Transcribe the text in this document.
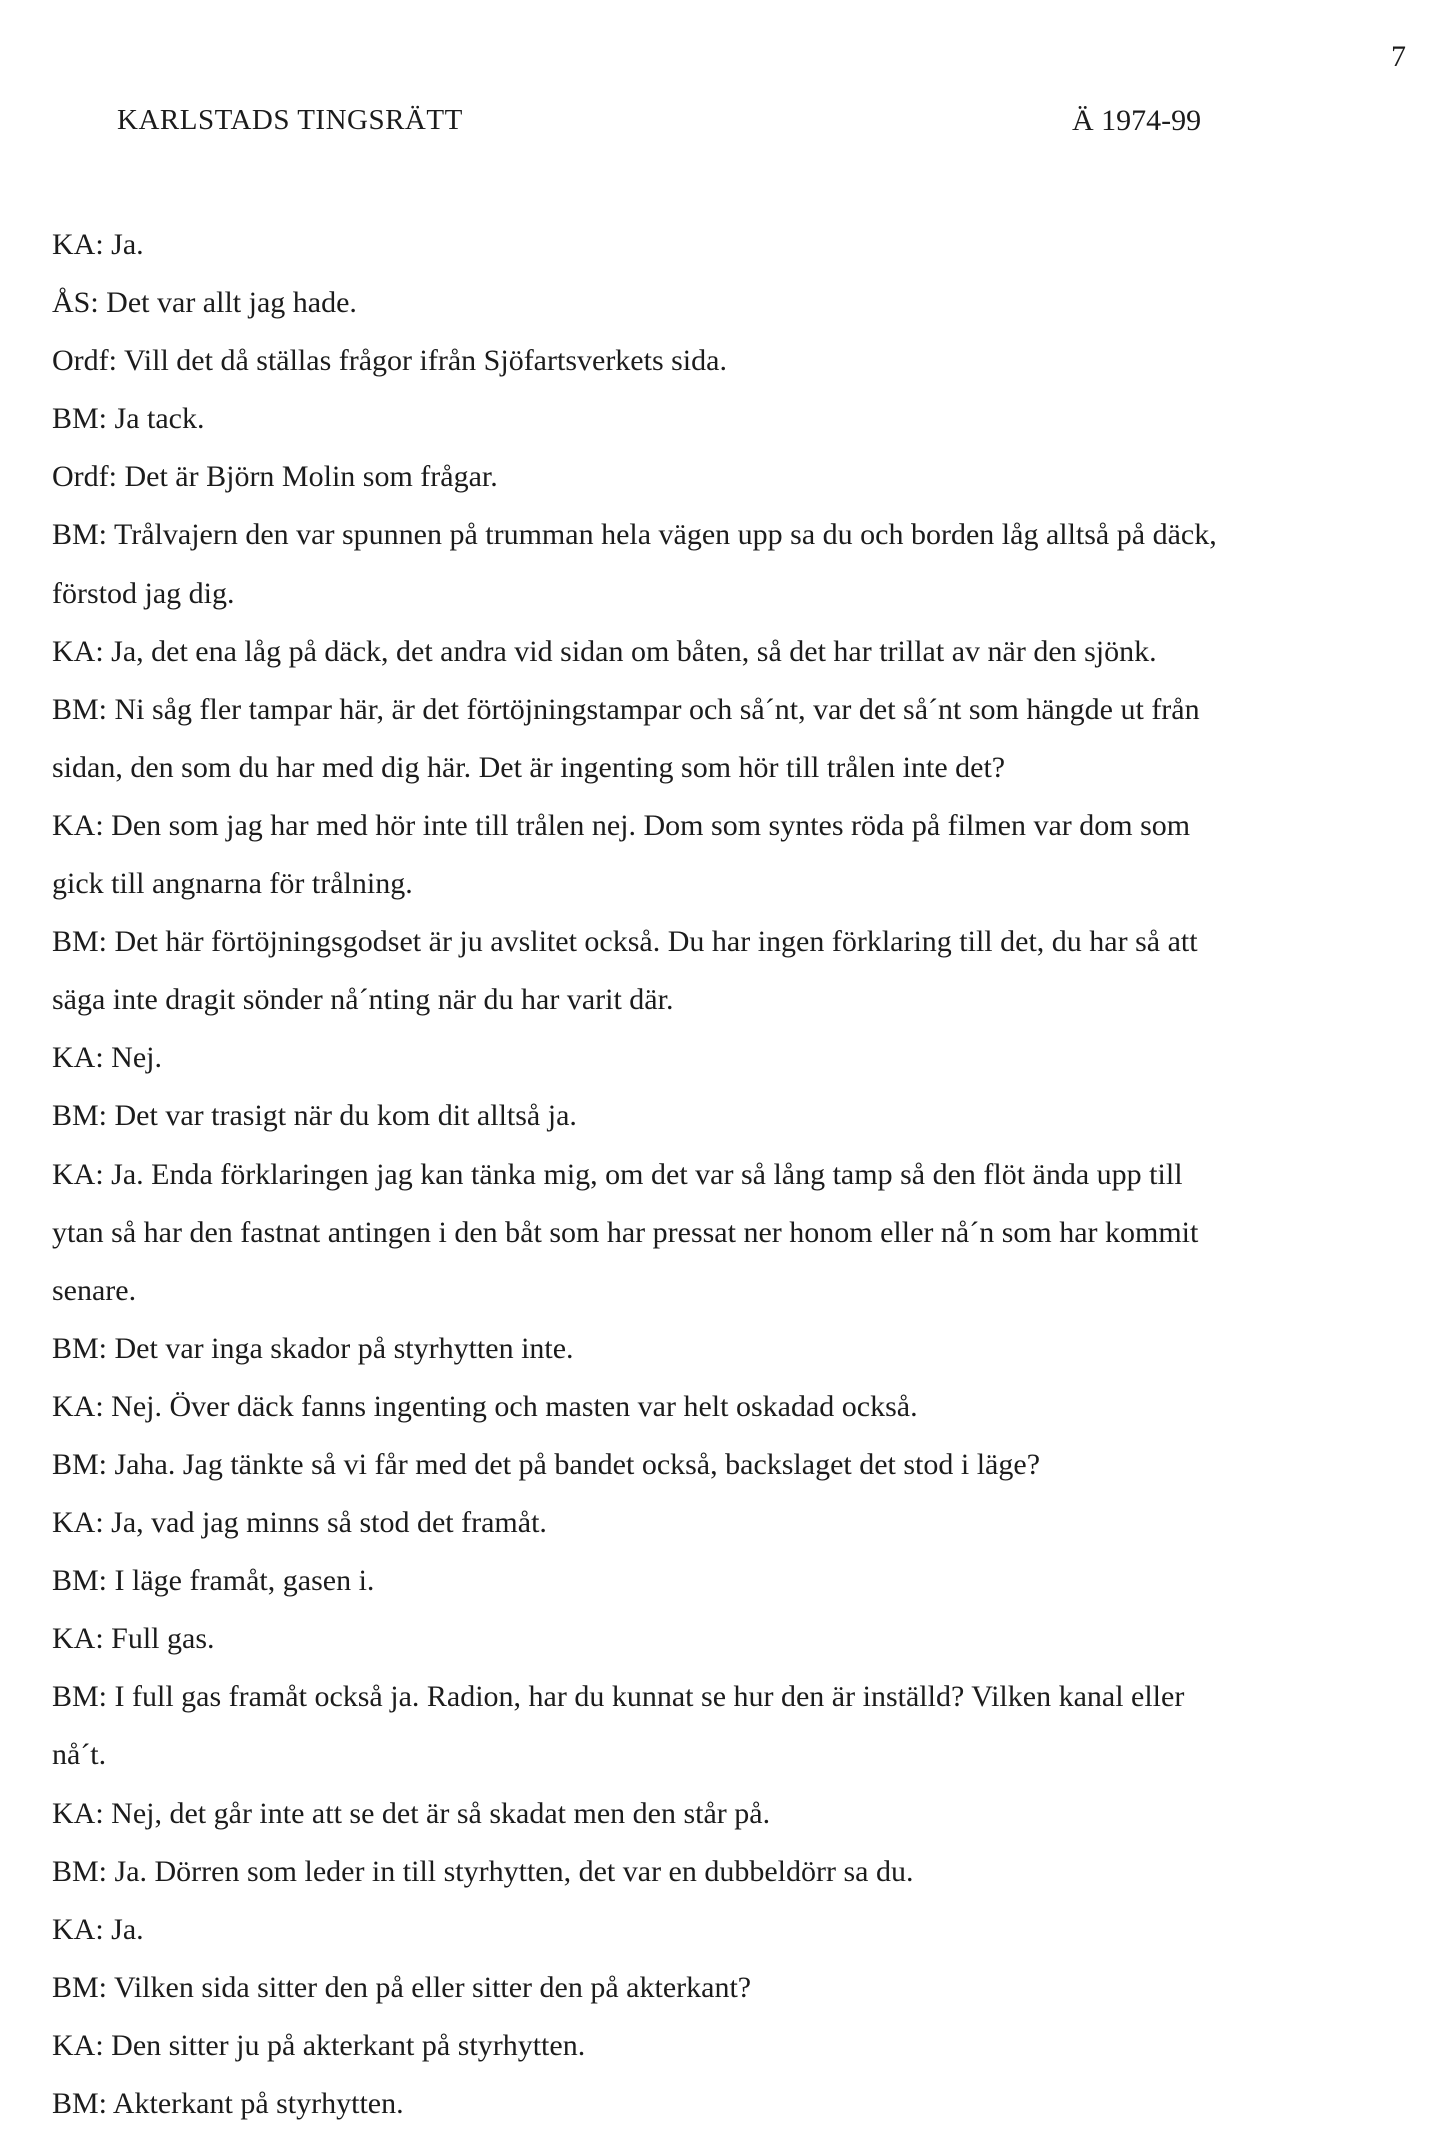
7
KARLSTADS TINGSRÄTT	Ä 1974-99
KA: Ja.
ÅS: Det var allt jag hade.
Ordf: Vill det då ställas frågor ifrån Sjöfartsverkets sida.
BM: Ja tack.
Ordf: Det är Björn Molin som frågar.
BM: Trålvajern den var spunnen på trumman hela vägen upp sa du och borden låg alltså på däck,
förstod jag dig.
KA: Ja, det ena låg på däck, det andra vid sidan om båten, så det har trillat av när den sjönk.
BM: Ni såg fler tampar här, är det förtöjningstampar och så´nt, var det så´nt som hängde ut från
sidan, den som du har med dig här. Det är ingenting som hör till trålen inte det?
KA: Den som jag har med hör inte till trålen nej. Dom som syntes röda på filmen var dom som
gick till angnarna för trålning.
BM: Det här förtöjningsgodset är ju avslitet också. Du har ingen förklaring till det, du har så att
säga inte dragit sönder nå´nting när du har varit där.
KA: Nej.
BM: Det var trasigt när du kom dit alltså ja.
KA: Ja. Enda förklaringen jag kan tänka mig, om det var så lång tamp så den flöt ända upp till
ytan så har den fastnat antingen i den båt som har pressat ner honom eller nå´n som har kommit
senare.
BM: Det var inga skador på styrhytten inte.
KA: Nej. Över däck fanns ingenting och masten var helt oskadad också.
BM: Jaha. Jag tänkte så vi får med det på bandet också, backslaget det stod i läge?
KA: Ja, vad jag minns så stod det framåt.
BM: I läge framåt, gasen i.
KA: Full gas.
BM: I full gas framåt också ja. Radion, har du kunnat se hur den är inställd? Vilken kanal eller
nå´t.
KA: Nej, det går inte att se det är så skadat men den står på.
BM: Ja. Dörren som leder in till styrhytten, det var en dubbeldörr sa du.
KA: Ja.
BM: Vilken sida sitter den på eller sitter den på akterkant?
KA: Den sitter ju på akterkant på styrhytten.
BM: Akterkant på styrhytten.
